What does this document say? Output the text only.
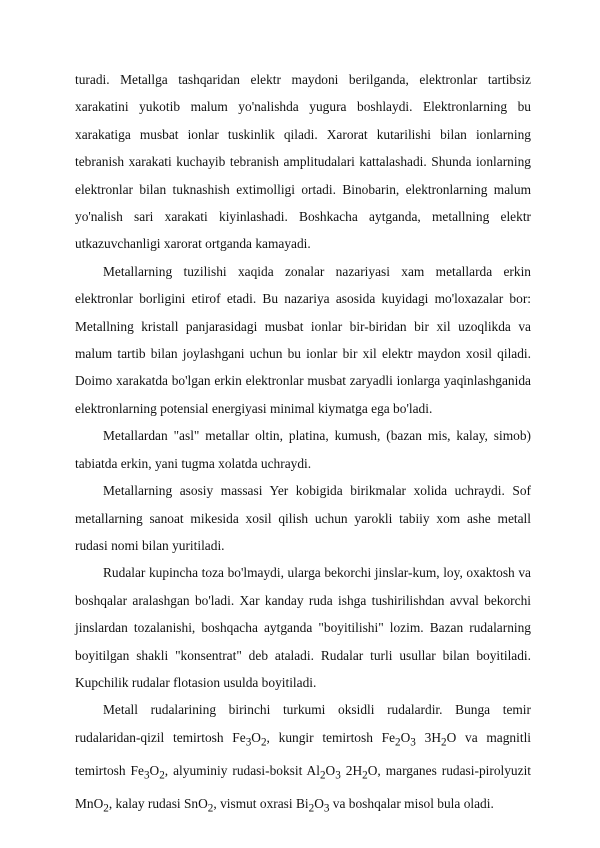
turadi. Metallga tashqaridan elektr maydoni berilganda, elektronlar tartibsiz xarakatini yukotib malum yo'nalishda yugura boshlaydi. Elektronlarning bu xarakatiga musbat ionlar tuskinlik qiladi. Xarorat kutarilishi bilan ionlarning tebranish xarakati kuchayib tebranish amplitudalari kattalashadi. Shunda ionlarning elektronlar bilan tuknashish extimolligi ortadi. Binobarin, elektronlarning malum yo'nalish sari xarakati kiyinlashadi. Boshkacha aytganda, metallning elektr utkazuvchanligi xarorat ortganda kamayadi.

Metallarning tuzilishi xaqida zonalar nazariyasi xam metallarda erkin elektronlar borligini etirof etadi. Bu nazariya asosida kuyidagi mo'loxazalar bor: Metallning kristall panjarasidagi musbat ionlar bir-biridan bir xil uzoqlikda va malum tartib bilan joylashgani uchun bu ionlar bir xil elektr maydon xosil qiladi. Doimo xarakatda bo'lgan erkin elektronlar musbat zaryadli ionlarga yaqinlashganida elektronlarning potensial energiyasi minimal kiymatga ega bo'ladi.

Metallardan "asl" metallar oltin, platina, kumush, (bazan mis, kalay, simob) tabiatda erkin, yani tugma xolatda uchraydi.

Metallarning asosiy massasi Yer kobigida birikmalar xolida uchraydi. Sof metallarning sanoat mikesida xosil qilish uchun yarokli tabiiy xom ashe metall rudasi nomi bilan yuritiladi.

Rudalar kupincha toza bo'lmaydi, ularga bekorchi jinslar-kum, loy, oxaktosh va boshqalar aralashgan bo'ladi. Xar kanday ruda ishga tushirilishdan avval bekorchi jinslardan tozalanishi, boshqacha aytganda "boyitilishi" lozim. Bazan rudalarning boyitilgan shakli "konsentrat" deb ataladi. Rudalar turli usullar bilan boyitiladi. Kupchilik rudalar flotasion usulda boyitiladi.

Metall rudalarining birinchi turkumi oksidli rudalardir. Bunga temir rudalaridan-qizil temirtosh $Fe_3O_2$, kungir temirtosh $Fe_2O_3$ $3H_2O$ va magnitli temirtosh $Fe_3O_2$, alyuminiy rudasi-boksit $Al_2O_3$ $2H_2O$, marganes rudasi-pirolyuzit MnO$_2$, kalay rudasi SnO$_2$, vismut oxrasi $Bi_2O_3$ va boshqalar misol bula oladi.
